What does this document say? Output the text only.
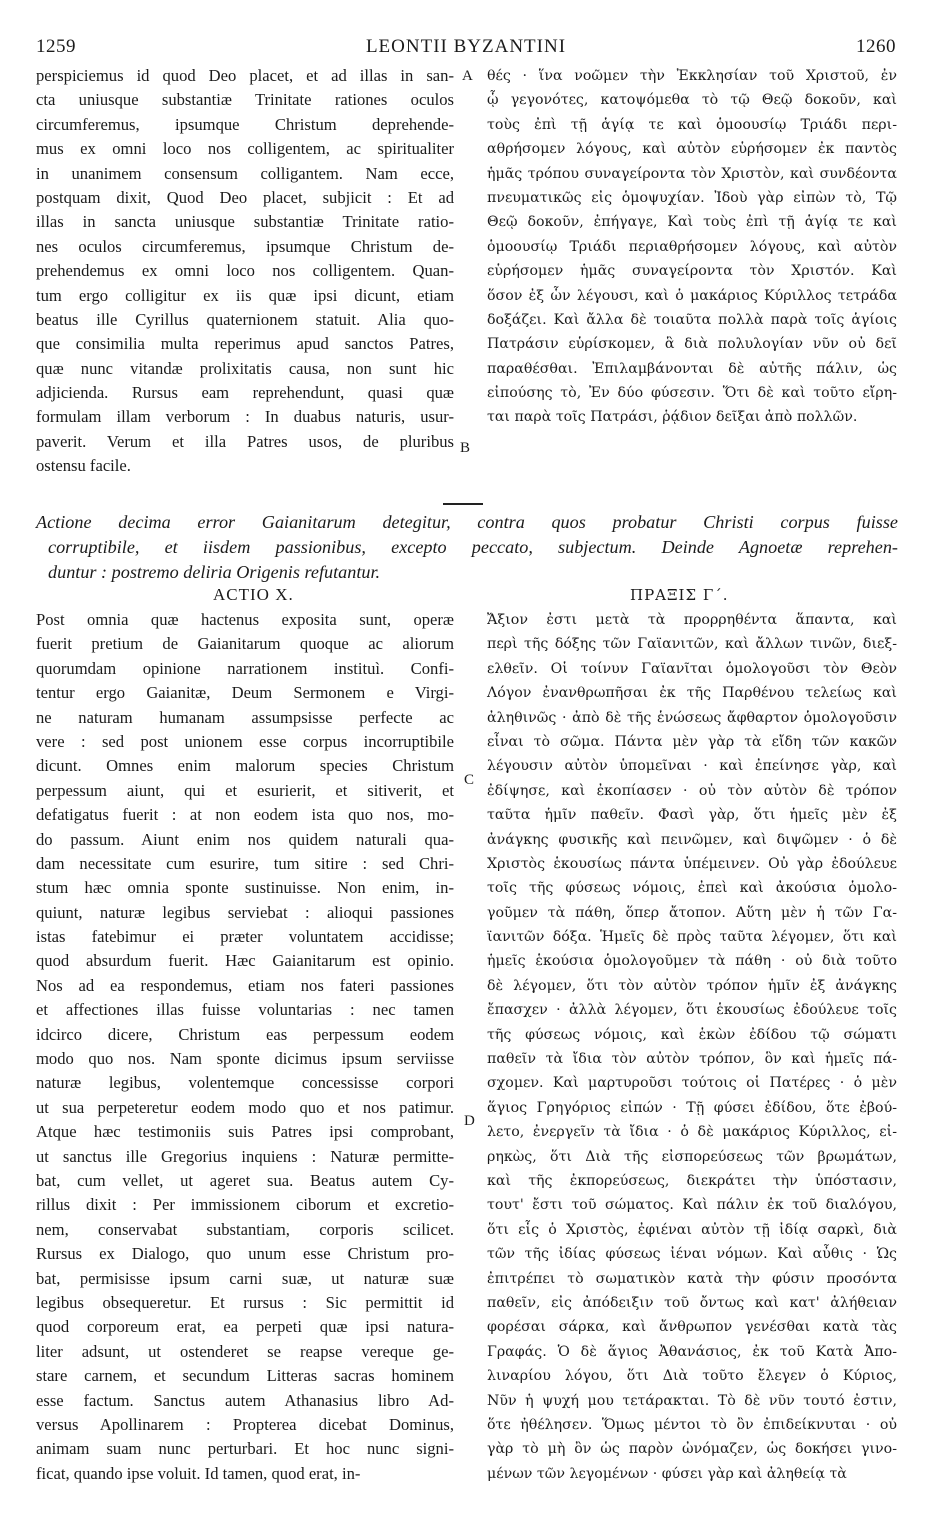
1259	LEONTII BYZANTINI	1260
perspiciemus id quod Deo placet, et ad illas in san-
cta uniusque substantiæ Trinitate rationes oculos
circumferemus, ipsumque Christum deprehende-
mus ex omni loco nos colligentem, ac spiritualiter
in unanimem consensum colligantem. Nam ecce,
postquam dixit, Quod Deo placet, subjicit : Et ad
illas in sancta uniusque substantiæ Trinitate ratio-
nes oculos circumferemus, ipsumque Christum de-
prehendemus ex omni loco nos colligentem. Quan-
tum ergo colligitur ex iis quæ ipsi dicunt, etiam
beatus ille Cyrillus quaternionem statuit. Alia quo-
que consimilia multa reperimus apud sanctos Patres,
quæ nunc vitandæ prolixitatis causa, non sunt hic
adjicienda. Rursus eam reprehendunt, quasi quæ
formulam illam verborum : In duabus naturis, usur-
paverit. Verum et illa Patres usos, de pluribus
ostensu facile.
θές · ἵνα νοῶμεν τὴν Ἐκκλησίαν τοῦ Χριστοῦ, ἐν
ᾧ γεγονότες, κατοψόμεθα τὸ τῷ Θεῷ δοκοῦν, καὶ
τοὺς ἐπὶ τῇ ἁγίᾳ τε καὶ ὁμοουσίῳ Τριάδι περι-
αθρήσομεν λόγους, καὶ αὐτὸν εὑρήσομεν ἐκ παντὸς
ἡμᾶς τρόπου συναγείροντα τὸν Χριστὸν, καὶ συνδέοντα
πνευματικῶς εἰς ὁμοψυχίαν. Ἰδοὺ γὰρ εἰπὼν τὸ, Τῷ
Θεῷ δοκοῦν, ἐπήγαγε, Καὶ τοὺς ἐπὶ τῇ ἁγίᾳ τε καὶ
ὁμοουσίῳ Τριάδι περιαθρήσομεν λόγους, καὶ αὐτὸν
εὑρήσομεν ἡμᾶς συναγείροντα τὸν Χριστόν. Καὶ
ὅσον ἐξ ὧν λέγουσι, καὶ ὁ μακάριος Κύριλλος τετράδα
δοξάζει. Καὶ ἄλλα δὲ τοιαῦτα πολλὰ παρὰ τοῖς ἁγίοις
Πατράσιν εὑρίσκομεν, ἃ διὰ πολυλογίαν νῦν οὐ δεῖ
παραθέσθαι. Ἐπιλαμβάνονται δὲ αὐτῆς πάλιν, ὡς
εἰπούσης τὸ, Ἐν δύο φύσεσιν. Ὅτι δὲ καὶ τοῦτο εἴρη-
ται παρὰ τοῖς Πατράσι, ῥᾴδιον δεῖξαι ἀπὸ πολλῶν.
A
B
C
D
Actione decima error Gaianitarum detegitur, contra quos probatur Christi corpus fuisse
corruptibile, et iisdem passionibus, excepto peccato, subjectum. Deinde Agnoetæ reprehen-
duntur : postremo deliria Origenis refutantur.
ACTIO X.	ΠΡΑΞΙΣ Γ΄.
Post omnia quæ hactenus exposita sunt, operæ
fuerit pretium de Gaianitarum quoque ac aliorum
quorumdam opinione narrationem instituì. Confi-
tentur ergo Gaianitæ, Deum Sermonem e Virgi-
ne naturam humanam assumpsisse perfecte ac
vere : sed post unionem esse corpus incorruptibile
dicunt. Omnes enim malorum species Christum
perpessum aiunt, qui et esurierit, et sitiverit, et
defatigatus fuerit : at non eodem ista quo nos, mo-
do passum. Aiunt enim nos quidem naturali qua-
dam necessitate cum esurire, tum sitire : sed Chri-
stum hæc omnia sponte sustinuisse. Non enim, in-
quiunt, naturæ legibus serviebat : alioqui passiones
istas fatebimur ei præter voluntatem accidisse;
quod absurdum fuerit. Hæc Gaianitarum est opinio.
Nos ad ea respondemus, etiam nos fateri passiones
et affectiones illas fuisse voluntarias : nec tamen
idcirco dicere, Christum eas perpessum eodem
modo quo nos. Nam sponte dicimus ipsum serviisse
naturæ legibus, volentemque concessisse corpori
ut sua perpeteretur eodem modo quo et nos patimur.
Atque hæc testimoniis suis Patres ipsi comprobant,
ut sanctus ille Gregorius inquiens : Naturæ permitte-
bat, cum vellet, ut ageret sua. Beatus autem Cy-
rillus dixit : Per immissionem ciborum et excretio-
nem, conservabat substantiam, corporis scilicet.
Rursus ex Dialogo, quo unum esse Christum pro-
bat, permisisse ipsum carni suæ, ut naturæ suæ
legibus obsequeretur. Et rursus : Sic permittit id
quod corporeum erat, ea perpeti quæ ipsi natura-
liter adsunt, ut ostenderet se reapse vereque ge-
stare carnem, et secundum Litteras sacras hominem
esse factum. Sanctus autem Athanasius libro Ad-
versus Apollinarem : Propterea dicebat Dominus,
animam suam nunc perturbari. Et hoc nunc signi-
ficat, quando ipse voluit. Id tamen, quod erat, in-
Ἄξιον ἐστι μετὰ τὰ προρρηθέντα ἅπαντα, καὶ
περὶ τῆς δόξης τῶν Γαϊανιτῶν, καὶ ἄλλων τινῶν, διεξ-
ελθεῖν. Οἱ τοίνυν Γαϊανῖται ὁμολογοῦσι τὸν Θεὸν
Λόγον ἐνανθρωπῆσαι ἐκ τῆς Παρθένου τελείως καὶ
ἀληθινῶς · ἀπὸ δὲ τῆς ἑνώσεως ἄφθαρτον ὁμολογοῦσιν
εἶναι τὸ σῶμα. Πάντα μὲν γὰρ τὰ εἴδη τῶν κακῶν
λέγουσιν αὐτὸν ὑπομεῖναι · καὶ ἐπείνησε γὰρ, καὶ
ἐδίψησε, καὶ ἐκοπίασεν · οὐ τὸν αὐτὸν δὲ τρόπον
ταῦτα ἡμῖν παθεῖν. Φασὶ γὰρ, ὅτι ἡμεῖς μὲν ἐξ
ἀνάγκης φυσικῆς καὶ πεινῶμεν, καὶ διψῶμεν · ὁ δὲ
Χριστὸς ἑκουσίως πάντα ὑπέμεινεν. Οὐ γὰρ ἐδούλευε
τοῖς τῆς φύσεως νόμοις, ἐπεὶ καὶ ἀκούσια ὁμολο-
γοῦμεν τὰ πάθη, ὅπερ ἄτοπον. Αὕτη μὲν ἡ τῶν Γα-
ϊανιτῶν δόξα. Ἡμεῖς δὲ πρὸς ταῦτα λέγομεν, ὅτι καὶ
ἡμεῖς ἑκούσια ὁμολογοῦμεν τὰ πάθη · οὐ διὰ τοῦτο
δὲ λέγομεν, ὅτι τὸν αὐτὸν τρόπον ἡμῖν ἐξ ἀνάγκης
ἔπασχεν · ἀλλὰ λέγομεν, ὅτι ἑκουσίως ἐδούλευε τοῖς
τῆς φύσεως νόμοις, καὶ ἑκὼν ἐδίδου τῷ σώματι
παθεῖν τὰ ἴδια τὸν αὐτὸν τρόπον, ὃν καὶ ἡμεῖς πά-
σχομεν. Καὶ μαρτυροῦσι τούτοις οἱ Πατέρες · ὁ μὲν
ἅγιος Γρηγόριος εἰπών · Τῇ φύσει ἐδίδου, ὅτε ἐβού-
λετο, ἐνεργεῖν τὰ ἴδια · ὁ δὲ μακάριος Κύριλλος, εἰ-
ρηκὼς, ὅτι Διὰ τῆς εἰσπορεύσεως τῶν βρωμάτων,
καὶ τῆς ἐκπορεύσεως, διεκράτει τὴν ὑπόστασιν,
τουτ' ἔστι τοῦ σώματος. Καὶ πάλιν ἐκ τοῦ διαλόγου,
ὅτι εἷς ὁ Χριστὸς, ἐφιέναι αὐτὸν τῇ ἰδίᾳ σαρκὶ, διὰ
τῶν τῆς ἰδίας φύσεως ἰέναι νόμων. Καὶ αὖθις · Ὡς
ἐπιτρέπει τὸ σωματικὸν κατὰ τὴν φύσιν προσόντα
παθεῖν, εἰς ἀπόδειξιν τοῦ ὄντως καὶ κατ' ἀλήθειαν
φορέσαι σάρκα, καὶ ἄνθρωπον γενέσθαι κατὰ τὰς
Γραφάς. Ὁ δὲ ἅγιος Ἀθανάσιος, ἐκ τοῦ Κατὰ Ἀπο-
λιναρίου λόγου, ὅτι Διὰ τοῦτο ἔλεγεν ὁ Κύριος,
Νῦν ἡ ψυχή μου τετάρακται. Τὸ δὲ νῦν τουτό ἐστιν,
ὅτε ἠθέλησεν. Ὅμως μέντοι τὸ ὂν ἐπιδείκνυται · οὐ
γὰρ τὸ μὴ ὂν ὡς παρὸν ὠνόμαζεν, ὡς δοκήσει γινο-
μένων τῶν λεγομένων · φύσει γὰρ καὶ ἀληθείᾳ τὰ
